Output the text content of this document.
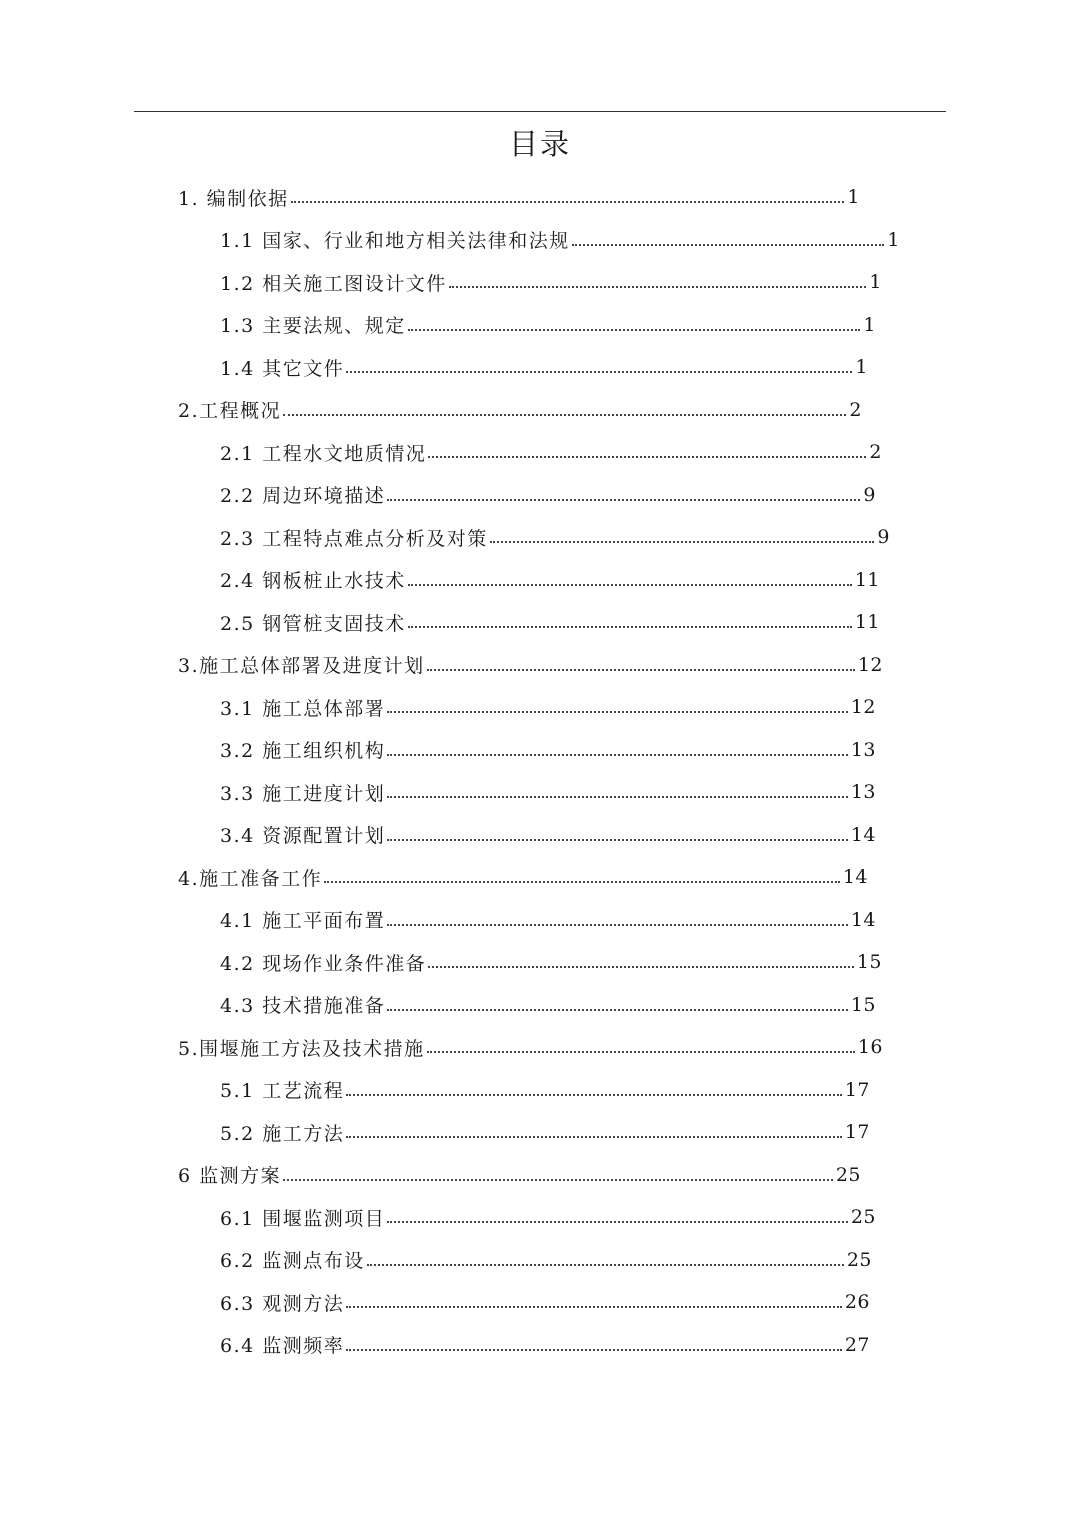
目录
1. 编制依据	1
1.1 国家、行业和地方相关法律和法规	1
1.2 相关施工图设计文件	1
1.3 主要法规、规定	1
1.4 其它文件	1
2.工程概况	2
2.1 工程水文地质情况	2
2.2 周边环境描述	9
2.3 工程特点难点分析及对策	9
2.4 钢板桩止水技术	11
2.5 钢管桩支固技术	11
3.施工总体部署及进度计划	12
3.1 施工总体部署	12
3.2 施工组织机构	13
3.3 施工进度计划	13
3.4 资源配置计划	14
4.施工准备工作	14
4.1 施工平面布置	14
4.2 现场作业条件准备	15
4.3 技术措施准备	15
5.围堰施工方法及技术措施	16
5.1 工艺流程	17
5.2 施工方法	17
6 监测方案	25
6.1 围堰监测项目	25
6.2 监测点布设	25
6.3 观测方法	26
6.4 监测频率	27
